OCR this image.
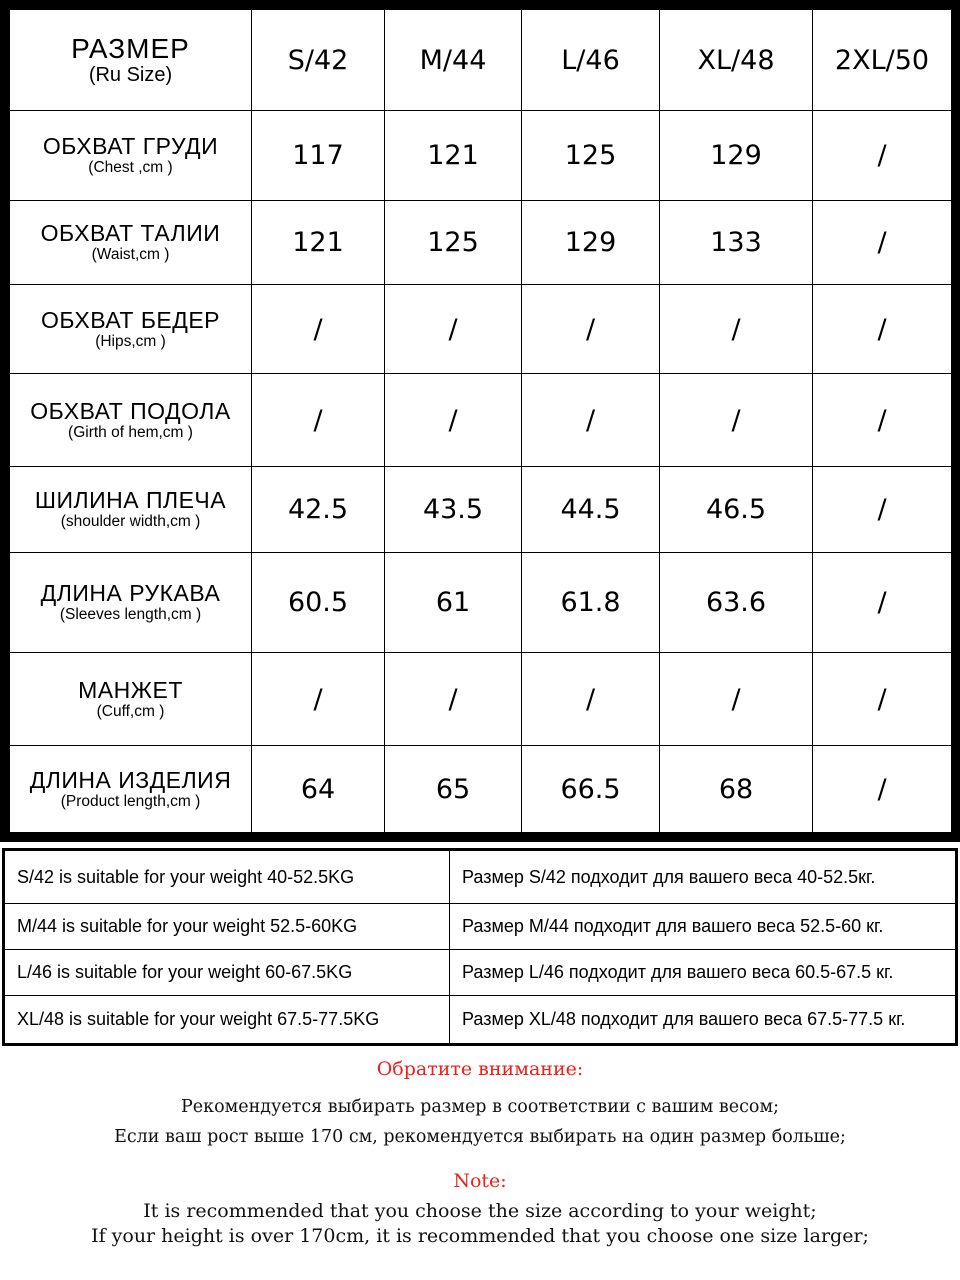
РАЗМЕР
(Ru Size)	S/42	M/44	L/46	XL/48	2XL/50

ОБХВАТ ГРУДИ
(Chest ,cm )	117	121	125	129	/

ОБХВАТ ТАЛИИ
(Waist,cm )	121	125	129	133	/

ОБХВАТ БЕДЕР
(Hips,cm )	/	/	/	/	/

ОБХВАТ ПОДОЛА
(Girth of hem,cm )	/	/	/	/	/

ШИЛИНА ПЛЕЧА
(shoulder width,cm )	42.5	43.5	44.5	46.5	/

ДЛИНА РУКАВА
(Sleeves length,cm )	60.5	61	61.8	63.6	/

МАНЖЕТ
(Cuff,cm )	/	/	/	/	/

ДЛИНА ИЗДЕЛИЯ
(Product length,cm )	64	65	66.5	68	/
S/42 is suitable for your weight 40-52.5KG	Размер S/42 подходит для вашего веса 40-52.5кг.
M/44 is suitable for your weight 52.5-60KG	Размер M/44 подходит для вашего веса 52.5-60 кг.
L/46 is suitable for your weight 60-67.5KG	Размер L/46 подходит для вашего веса 60.5-67.5 кг.
XL/48 is suitable for your weight 67.5-77.5KG	Размер XL/48 подходит для вашего веса 67.5-77.5 кг.
Обратите внимание:
Рекомендуется выбирать размер в соответствии с вашим весом;
Если ваш рост выше 170 см, рекомендуется выбирать на один размер больше;
Note:
It is recommended that you choose the size according to your weight;
If your height is over 170cm, it is recommended that you choose one size larger;
